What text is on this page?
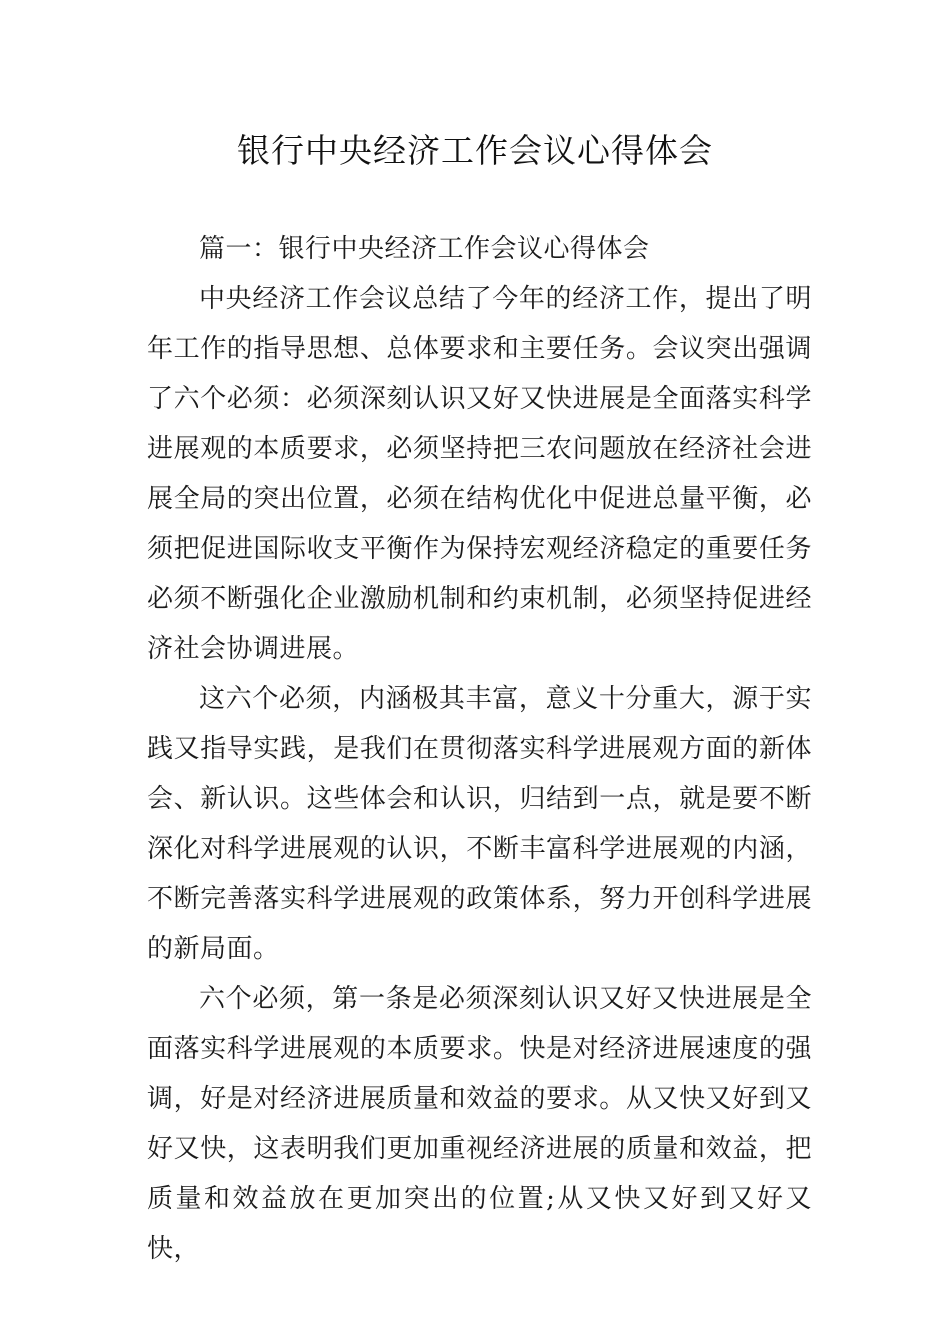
银行中央经济工作会议心得体会

篇一：银行中央经济工作会议心得体会

中央经济工作会议总结了今年的经济工作，提出了明年工作的指导思想、总体要求和主要任务。会议突出强调了六个必须：必须深刻认识又好又快进展是全面落实科学进展观的本质要求，必须坚持把三农问题放在经济社会进展全局的突出位置，必须在结构优化中促进总量平衡，必须把促进国际收支平衡作为保持宏观经济稳定的重要任务必须不断强化企业激励机制和约束机制，必须坚持促进经济社会协调进展。

这六个必须，内涵极其丰富，意义十分重大，源于实践又指导实践，是我们在贯彻落实科学进展观方面的新体会、新认识。这些体会和认识，归结到一点，就是要不断深化对科学进展观的认识，不断丰富科学进展观的内涵，不断完善落实科学进展观的政策体系，努力开创科学进展的新局面。

六个必须，第一条是必须深刻认识又好又快进展是全面落实科学进展观的本质要求。快是对经济进展速度的强调，好是对经济进展质量和效益的要求。从又快又好到又好又快，这表明我们更加重视经济进展的质量和效益，把质量和效益放在更加突出的位置;从又快又好到又好又快，
